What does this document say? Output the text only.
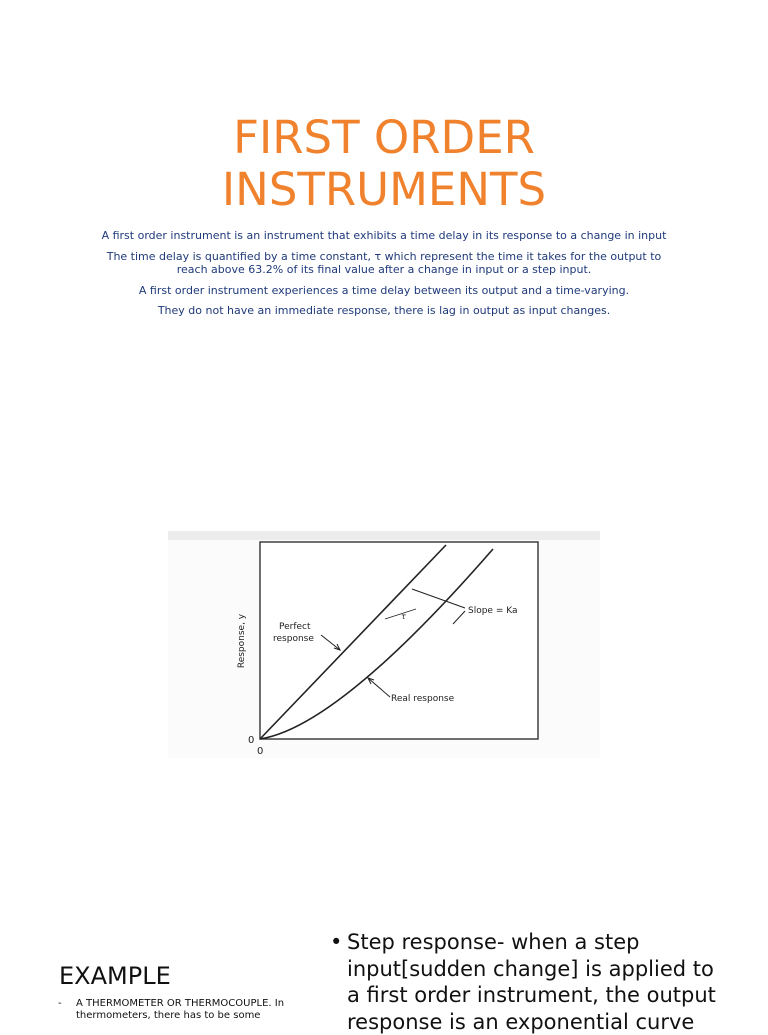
FIRST ORDER
INSTRUMENTS

A first order instrument is an instrument that exhibits a time delay in its response to a change in input

The time delay is quantified by a time constant, τ which represent the time it takes for the output to reach above 63.2% of its final value after a change in input or a step input.

A first order instrument experiences a time delay between its output and a time-varying.

They do not have an immediate response, there is lag in output as input changes.

Response, y
0
0
Perfect
response
τ
Slope = Ka
Real response
EXAMPLE
-	A THERMOMETER OR THERMOCOUPLE. In thermometers, there has to be some
• Step response- when a step input[sudden change] is applied to a first order instrument, the output response is an exponential curve
